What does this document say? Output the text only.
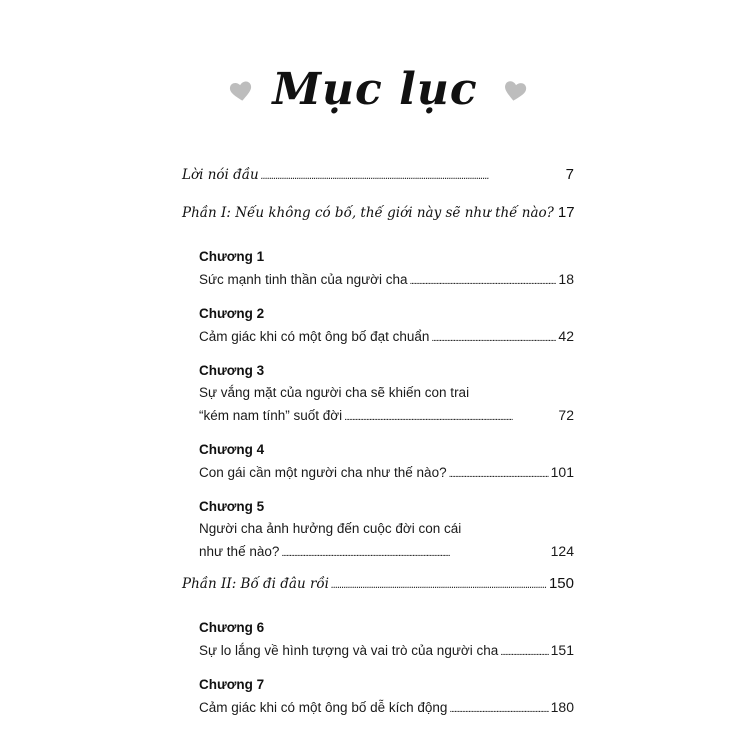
Mục lục
Lời nói đầu . . .	7
Phần I: Nếu không có bố, thế giới này sẽ như thế nào? 17
Chương 1
Sức mạnh tinh thần của người cha . . .	18
Chương 2
Cảm giác khi có một ông bố đạt chuẩn . . .	42
Chương 3
Sự vắng mặt của người cha sẽ khiến con trai
“kém nam tính” suốt đời . . .	72
Chương 4
Con gái cần một người cha như thế nào? . . .	101
Chương 5
Người cha ảnh hưởng đến cuộc đời con cái
như thế nào? . . .	124
Phần II: Bố đi đâu rồi . . .	150
Chương 6
Sự lo lắng về hình tượng và vai trò của người cha . . .	151
Chương 7
Cảm giác khi có một ông bố dễ kích động . . .	180
